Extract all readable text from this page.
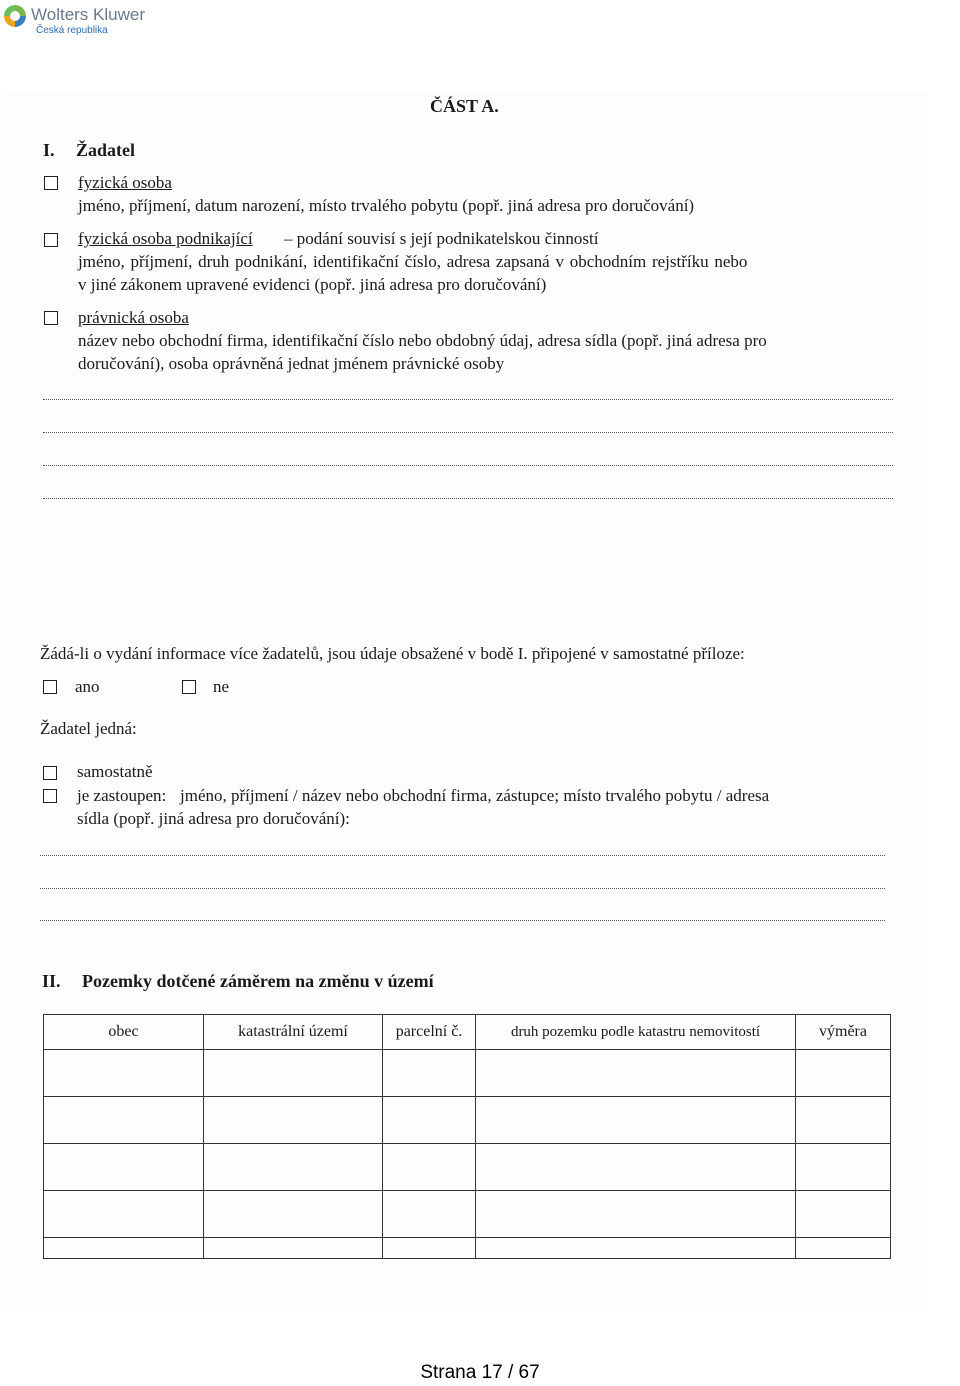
Wolters Kluwer
Česká republika
ČÁST A.
I. Žadatel
fyzická osoba
jméno, příjmení, datum narození, místo trvalého pobytu (popř. jiná adresa pro doručování)
fyzická osoba podnikající – podání souvisí s její podnikatelskou činností
jméno, příjmení, druh podnikání, identifikační číslo, adresa zapsaná v obchodním rejstříku nebo
v jiné zákonem upravené evidenci (popř. jiná adresa pro doručování)
právnická osoba
název nebo obchodní firma, identifikační číslo nebo obdobný údaj, adresa sídla (popř. jiná adresa pro
doručování), osoba oprávněná jednat jménem právnické osoby
Žádá-li o vydání informace více žadatelů, jsou údaje obsažené v bodě I. připojené v samostatné příloze:
ano	ne
Žadatel jedná:
samostatně
je zastoupen: jméno, příjmení / název nebo obchodní firma, zástupce; místo trvalého pobytu / adresa
sídla (popř. jiná adresa pro doručování):
II. Pozemky dotčené záměrem na změnu v území
obec	katastrální území	parcelní č.	druh pozemku podle katastru nemovitostí	výměra

Strana 17 / 67
